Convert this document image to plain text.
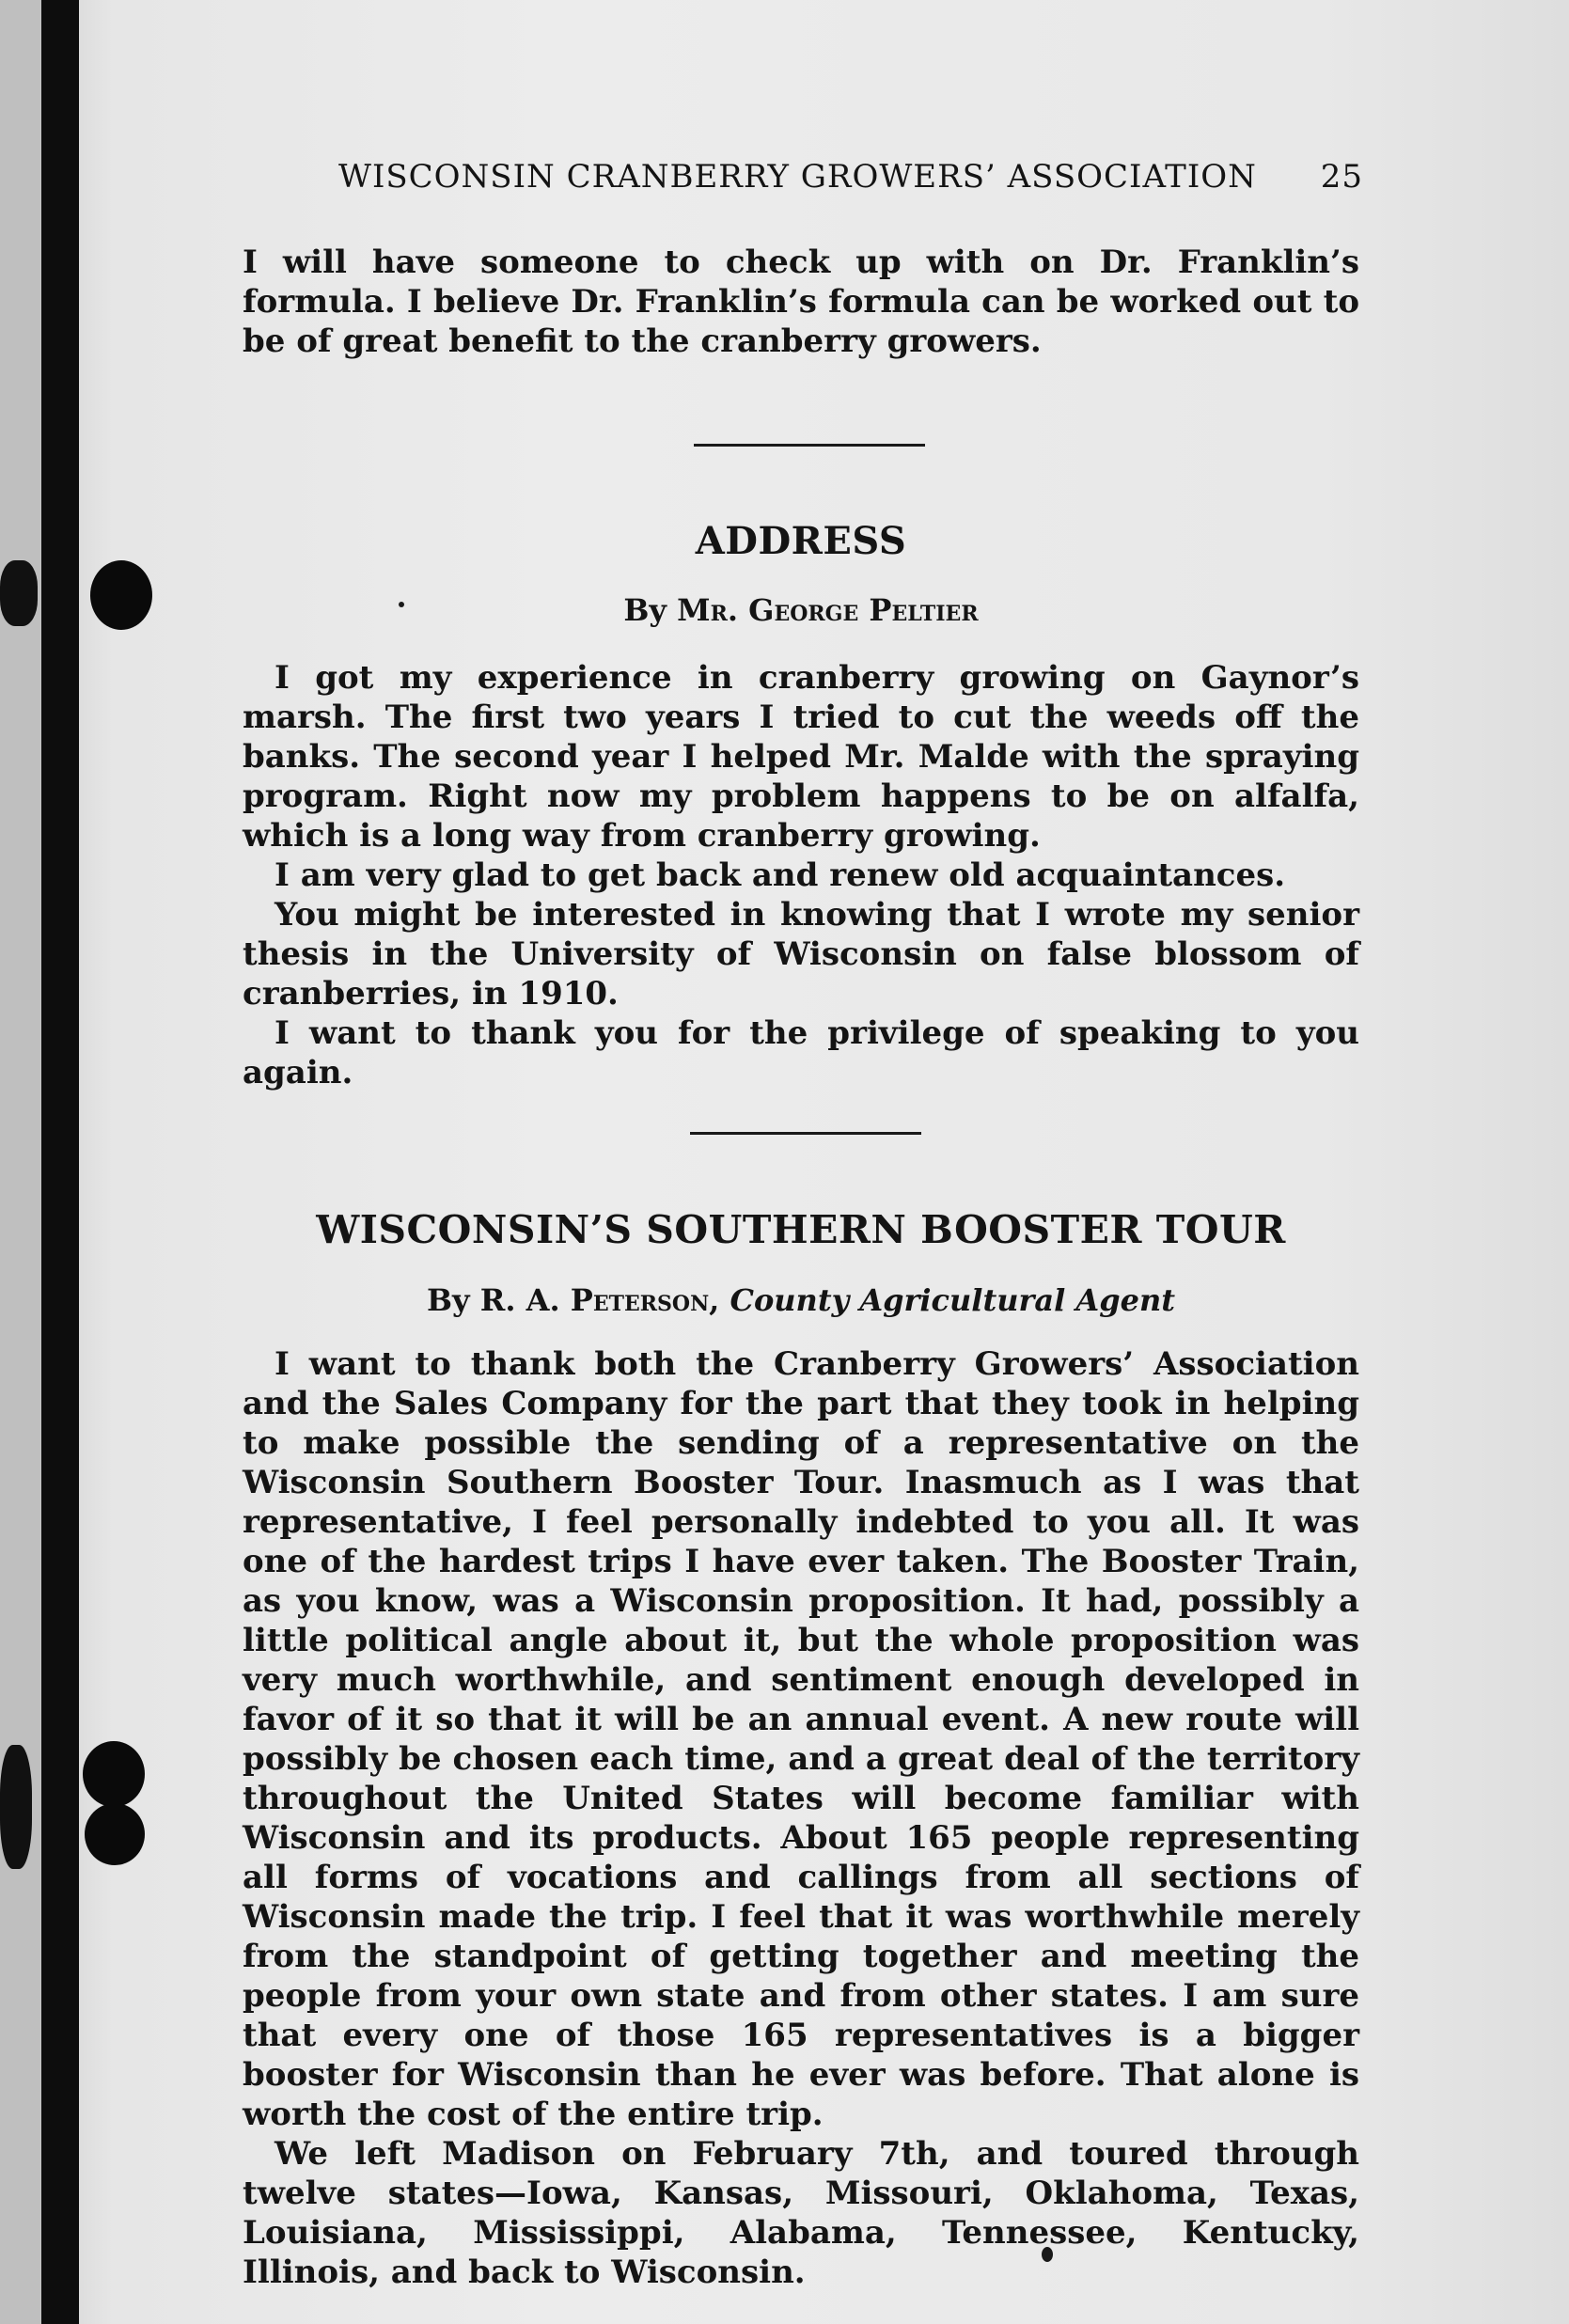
WISCONSIN CRANBERRY GROWERS’ ASSOCIATION 25

I will have someone to check up with on Dr. Franklin’s formula. I believe Dr. Franklin’s formula can be worked out to be of great benefit to the cranberry growers.

ADDRESS
By Mr. George Peltier

I got my experience in cranberry growing on Gaynor’s marsh. The first two years I tried to cut the weeds off the banks. The second year I helped Mr. Malde with the spraying program. Right now my problem happens to be on alfalfa, which is a long way from cranberry growing.

I am very glad to get back and renew old acquaintances.

You might be interested in knowing that I wrote my senior thesis in the University of Wisconsin on false blossom of cranberries, in 1910.

I want to thank you for the privilege of speaking to you again.

WISCONSIN’S SOUTHERN BOOSTER TOUR
By R. A. Peterson, County Agricultural Agent

I want to thank both the Cranberry Growers’ Association and the Sales Company for the part that they took in helping to make possible the sending of a representative on the Wisconsin Southern Booster Tour. Inasmuch as I was that representative, I feel personally indebted to you all. It was one of the hardest trips I have ever taken. The Booster Train, as you know, was a Wisconsin proposition. It had, possibly a little political angle about it, but the whole proposition was very much worthwhile, and sentiment enough developed in favor of it so that it will be an annual event. A new route will possibly be chosen each time, and a great deal of the territory throughout the United States will become familiar with Wisconsin and its products. About 165 people representing all forms of vocations and callings from all sections of Wisconsin made the trip. I feel that it was worthwhile merely from the standpoint of getting together and meeting the people from your own state and from other states. I am sure that every one of those 165 representatives is a bigger booster for Wisconsin than he ever was before. That alone is worth the cost of the entire trip.

We left Madison on February 7th, and toured through twelve states—Iowa, Kansas, Missouri, Oklahoma, Texas, Louisiana, Mississippi, Alabama, Tennessee, Kentucky, Illinois, and back to Wisconsin.
